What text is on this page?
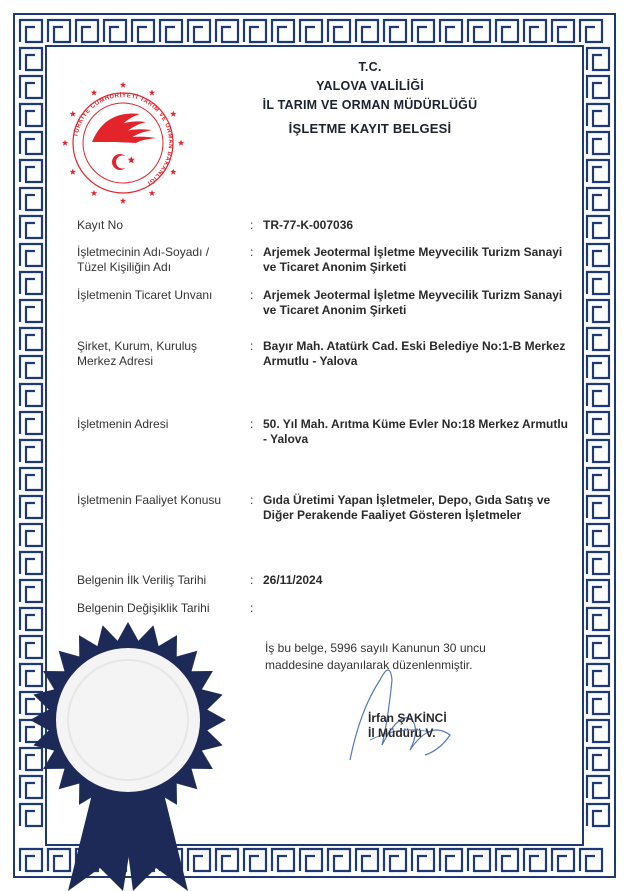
TÜRKİYE CUMHURİYETİ TARIM VE ORMAN BAKANLIĞI
T.C.
YALOVA VALİLİĞİ
İL TARIM VE ORMAN MÜDÜRLÜĞÜ
İŞLETME KAYIT BELGESİ
Kayıt No	: TR-77-K-007036
İşletmecinin Adı-Soyadı /
Tüzel Kişiliğin Adı
: Arjemek Jeotermal İşletme Meyvecilik Turizm Sanayi ve Ticaret Anonim Şirketi
İşletmenin Ticaret Unvanı	: Arjemek Jeotermal İşletme Meyvecilik Turizm Sanayi ve Ticaret Anonim Şirketi
Şirket, Kurum, Kuruluş
Merkez Adresi
: Bayır Mah. Atatürk Cad. Eski Belediye No:1-B Merkez Armutlu - Yalova
İşletmenin Adresi	: 50. Yıl Mah. Arıtma Küme Evler No:18 Merkez Armutlu - Yalova
İşletmenin Faaliyet Konusu	: Gıda Üretimi Yapan İşletmeler, Depo, Gıda Satış ve Diğer Perakende Faaliyet Gösteren İşletmeler
Belgenin İlk Veriliş Tarihi	: 26/11/2024
Belgenin Değişiklik Tarihi	:
İş bu belge, 5996 sayılı Kanunun 30 uncu maddesine dayanılarak düzenlenmiştir.
İrfan ŞAKİNCİ
İl Müdürü V.
